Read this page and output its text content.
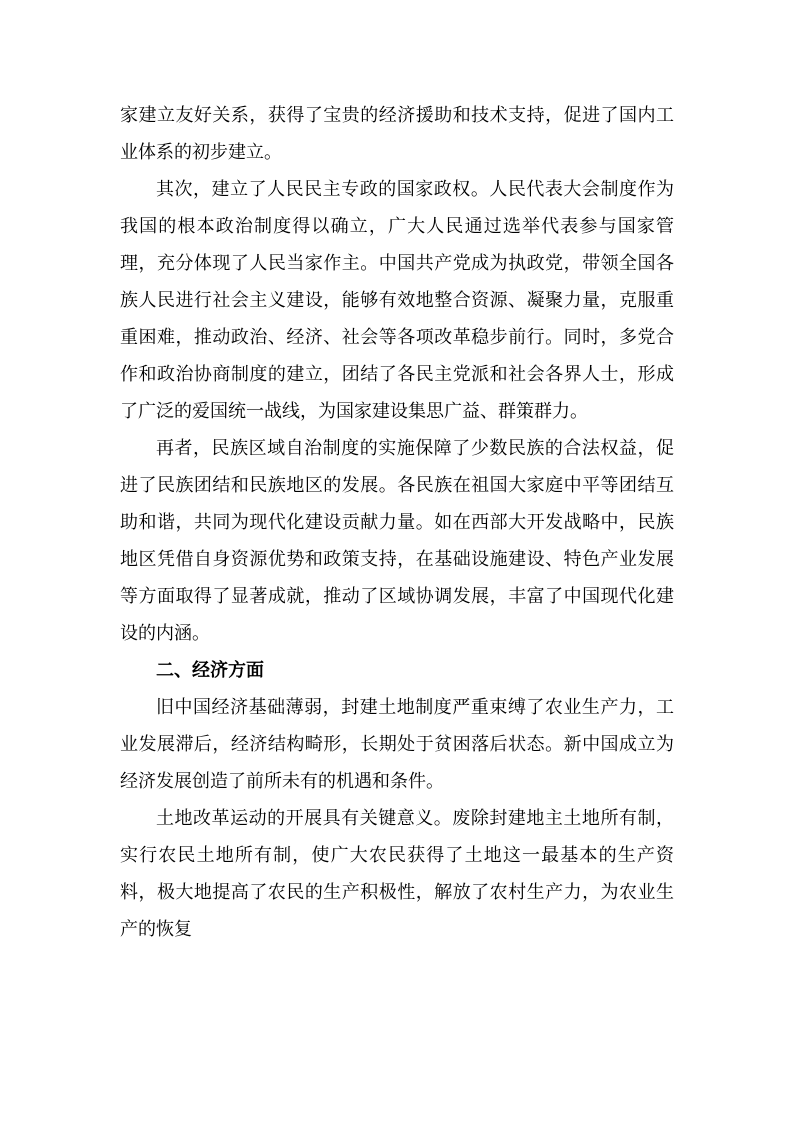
家建立友好关系，获得了宝贵的经济援助和技术支持，促进了国内工业体系的初步建立。

其次，建立了人民民主专政的国家政权。人民代表大会制度作为我国的根本政治制度得以确立，广大人民通过选举代表参与国家管理，充分体现了人民当家作主。中国共产党成为执政党，带领全国各族人民进行社会主义建设，能够有效地整合资源、凝聚力量，克服重重困难，推动政治、经济、社会等各项改革稳步前行。同时，多党合作和政治协商制度的建立，团结了各民主党派和社会各界人士，形成了广泛的爱国统一战线，为国家建设集思广益、群策群力。

再者，民族区域自治制度的实施保障了少数民族的合法权益，促进了民族团结和民族地区的发展。各民族在祖国大家庭中平等团结互助和谐，共同为现代化建设贡献力量。如在西部大开发战略中，民族地区凭借自身资源优势和政策支持，在基础设施建设、特色产业发展等方面取得了显著成就，推动了区域协调发展，丰富了中国现代化建设的内涵。

二、经济方面

旧中国经济基础薄弱，封建土地制度严重束缚了农业生产力，工业发展滞后，经济结构畸形，长期处于贫困落后状态。新中国成立为经济发展创造了前所未有的机遇和条件。

土地改革运动的开展具有关键意义。废除封建地主土地所有制，实行农民土地所有制，使广大农民获得了土地这一最基本的生产资料，极大地提高了农民的生产积极性，解放了农村生产力，为农业生产的恢复
